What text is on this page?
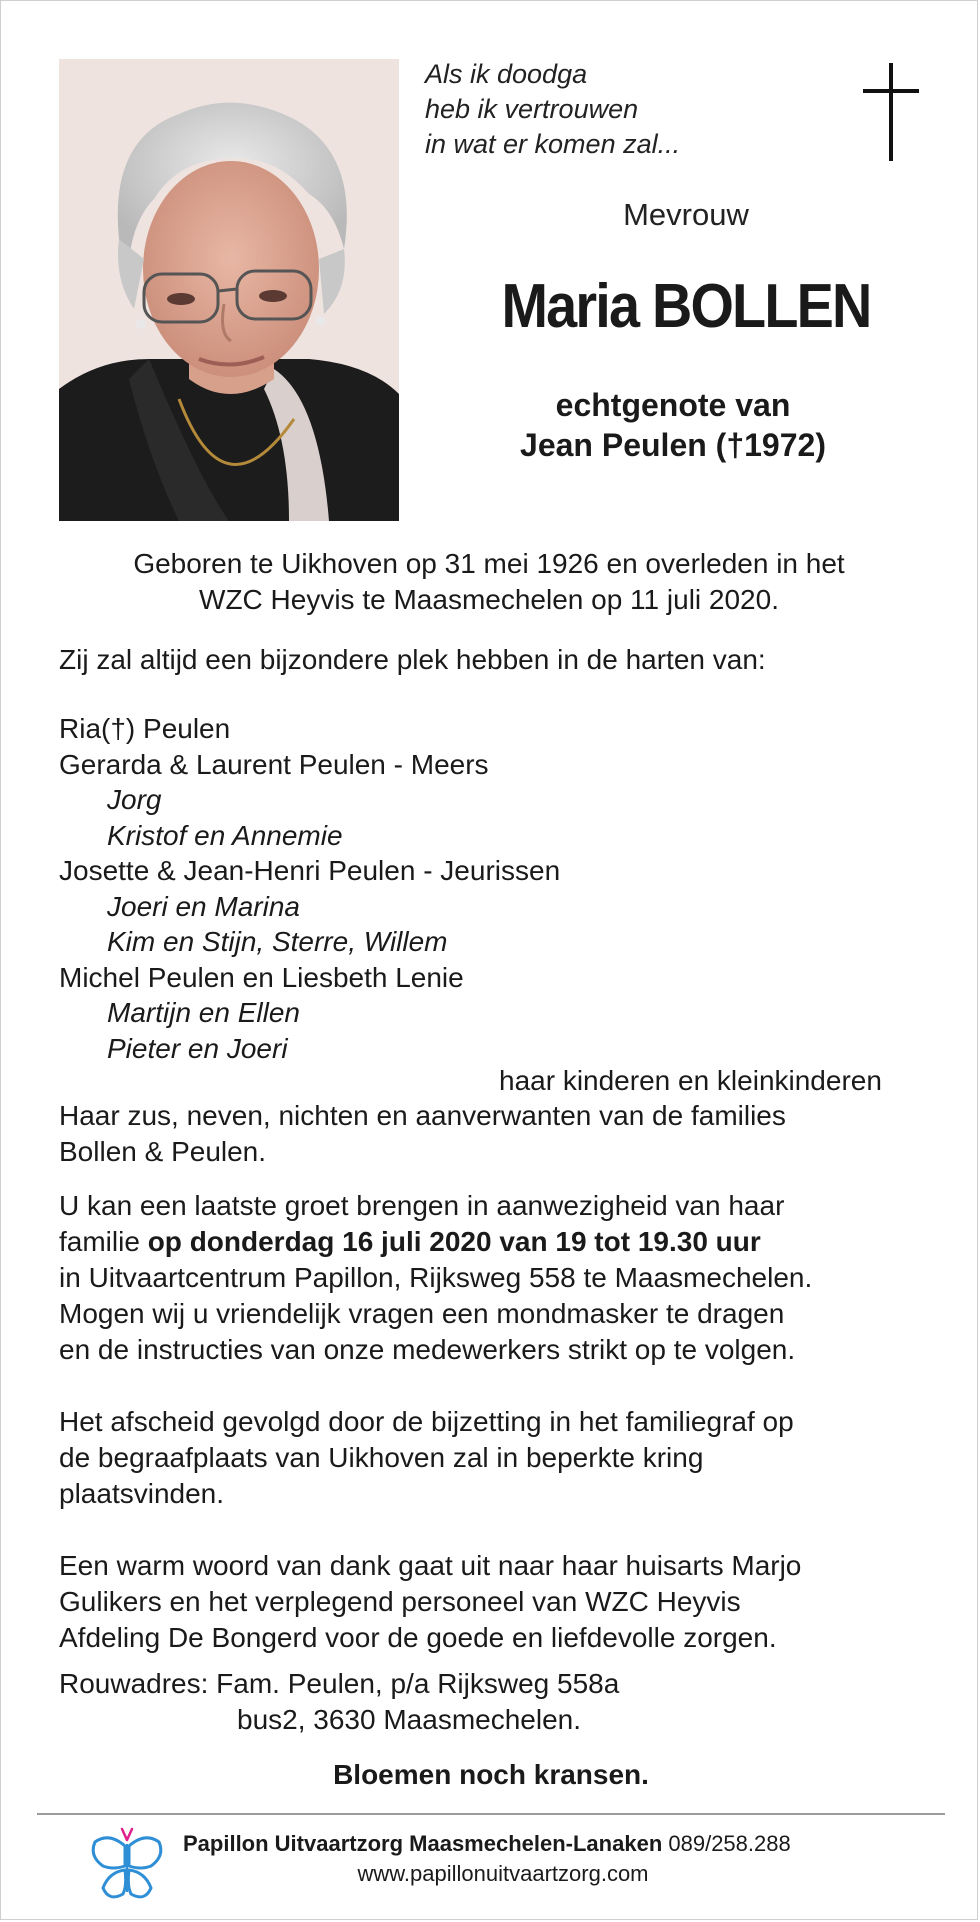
Als ik doodga
heb ik vertrouwen
in wat er komen zal...
Mevrouw
Maria BOLLEN
echtgenote van
Jean Peulen (†1972)
Geboren te Uikhoven op 31 mei 1926 en overleden in het
WZC Heyvis te Maasmechelen op 11 juli 2020.
Zij zal altijd een bijzondere plek hebben in de harten van:
Ria(†) Peulen
Gerarda & Laurent Peulen - Meers
Jorg
Kristof en Annemie
Josette & Jean-Henri Peulen - Jeurissen
Joeri en Marina
Kim en Stijn, Sterre, Willem
Michel Peulen en Liesbeth Lenie
Martijn en Ellen
Pieter en Joeri
haar kinderen en kleinkinderen
Haar zus, neven, nichten en aanverwanten van de families
Bollen & Peulen.
U kan een laatste groet brengen in aanwezigheid van haar
familie op donderdag 16 juli 2020 van 19 tot 19.30 uur
in Uitvaartcentrum Papillon, Rijksweg 558 te Maasmechelen.
Mogen wij u vriendelijk vragen een mondmasker te dragen
en de instructies van onze medewerkers strikt op te volgen.
Het afscheid gevolgd door de bijzetting in het familiegraf op
de begraafplaats van Uikhoven zal in beperkte kring
plaatsvinden.
Een warm woord van dank gaat uit naar haar huisarts Marjo
Gulikers en het verplegend personeel van WZC Heyvis
Afdeling De Bongerd voor de goede en liefdevolle zorgen.
Rouwadres: Fam. Peulen, p/a Rijksweg 558a
bus2, 3630 Maasmechelen.
Bloemen noch kransen.
Papillon Uitvaartzorg Maasmechelen-Lanaken 089/258.288
www.papillonuitvaartzorg.com
